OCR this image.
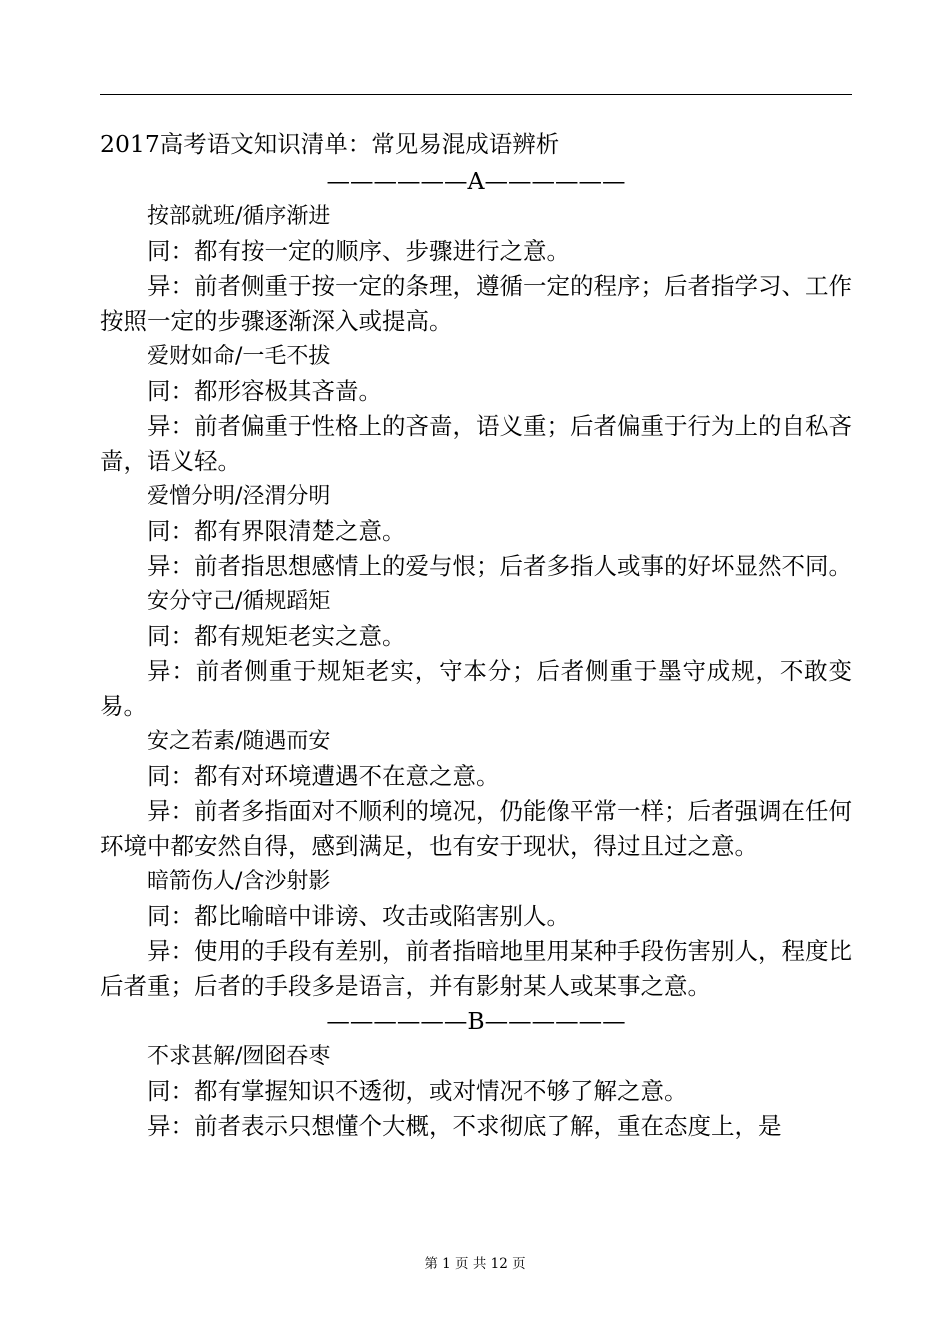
2017高考语文知识清单：常见易混成语辨析
——————A——————
按部就班/循序渐进

同：都有按一定的顺序、步骤进行之意。

异：前者侧重于按一定的条理，遵循一定的程序；后者指学习、工作按照一定的步骤逐渐深入或提高。

爱财如命/一毛不拔

同：都形容极其吝啬。

异：前者偏重于性格上的吝啬，语义重；后者偏重于行为上的自私吝啬，语义轻。

爱憎分明/泾渭分明

同：都有界限清楚之意。

异：前者指思想感情上的爱与恨；后者多指人或事的好坏显然不同。

安分守己/循规蹈矩

同：都有规矩老实之意。

异：前者侧重于规矩老实，守本分；后者侧重于墨守成规，不敢变易。

安之若素/随遇而安

同：都有对环境遭遇不在意之意。

异：前者多指面对不顺利的境况，仍能像平常一样；后者强调在任何环境中都安然自得，感到满足，也有安于现状，得过且过之意。

暗箭伤人/含沙射影

同：都比喻暗中诽谤、攻击或陷害别人。

异：使用的手段有差别，前者指暗地里用某种手段伤害别人，程度比后者重；后者的手段多是语言，并有影射某人或某事之意。

——————B——————
不求甚解/囫囵吞枣

同：都有掌握知识不透彻，或对情况不够了解之意。

异：前者表示只想懂个大概，不求彻底了解，重在态度上，是

第 1 页 共 12 页
